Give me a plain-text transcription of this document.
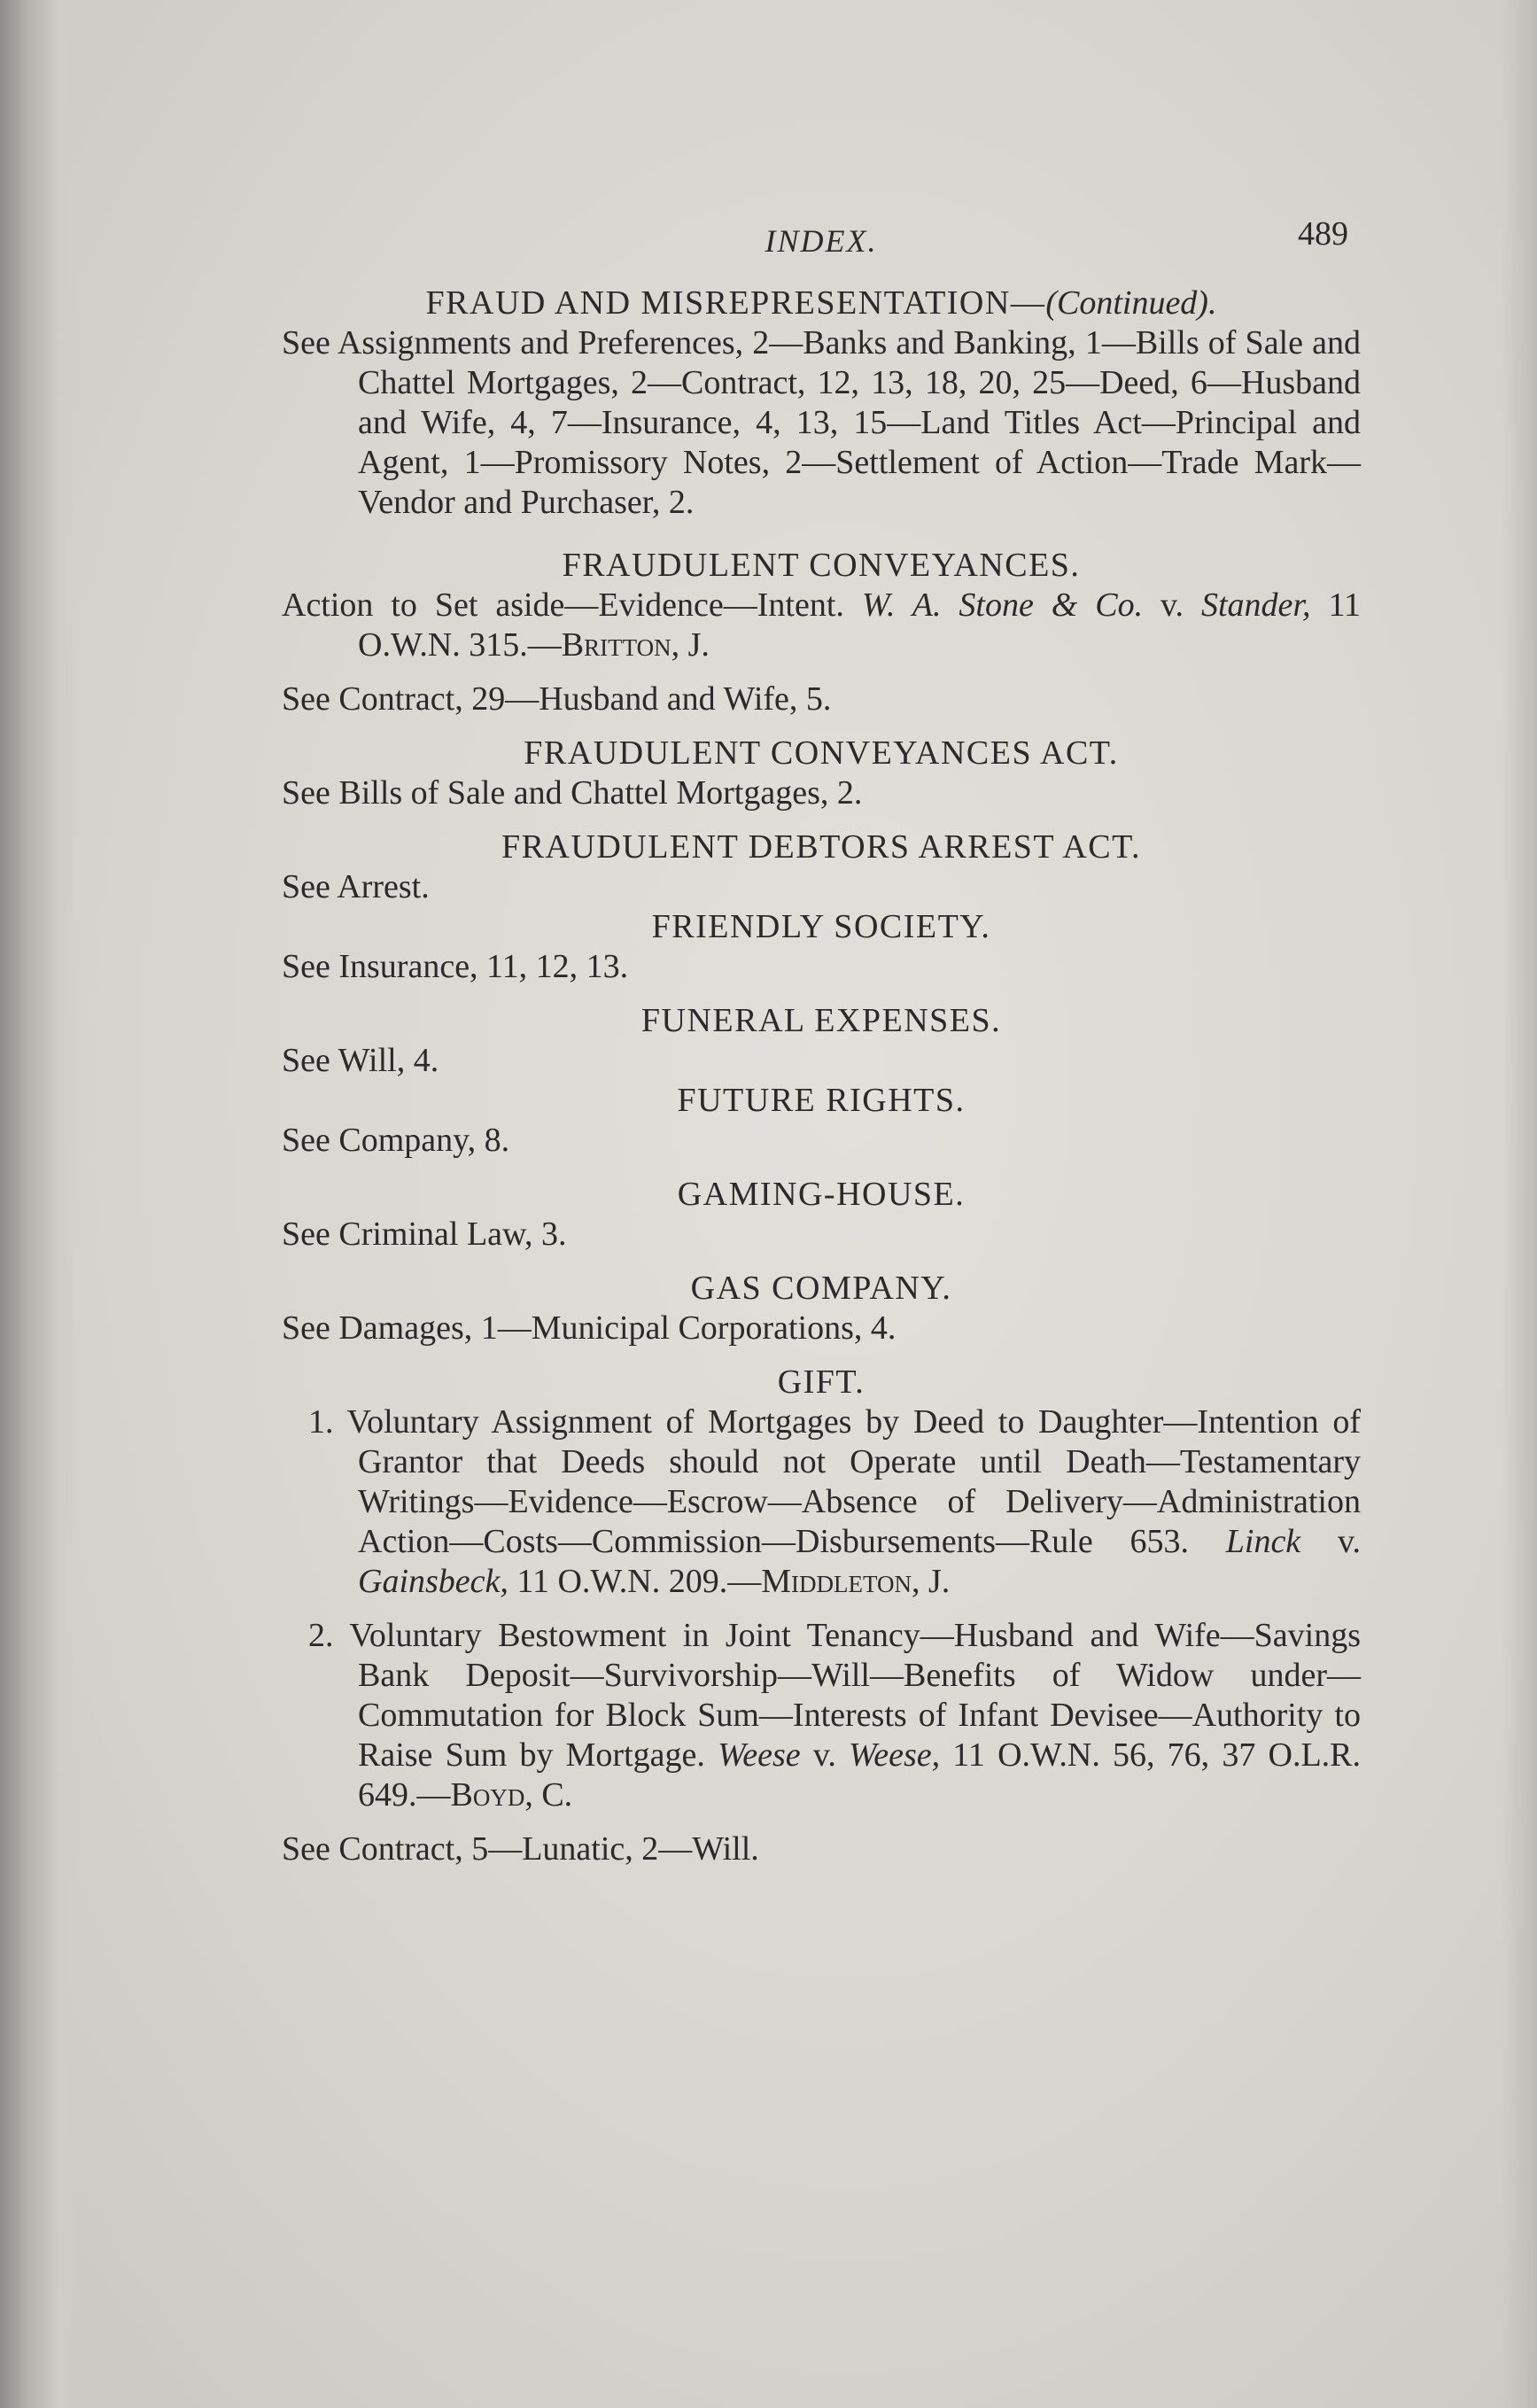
INDEX.	489

FRAUD AND MISREPRESENTATION—(Continued).

See Assignments and Preferences, 2—Banks and Banking, 1—Bills of Sale and Chattel Mortgages, 2—Contract, 12, 13, 18, 20, 25—Deed, 6—Husband and Wife, 4, 7—Insurance, 4, 13, 15—Land Titles Act—Principal and Agent, 1—Promissory Notes, 2—Settlement of Action—Trade Mark—Vendor and Purchaser, 2.

FRAUDULENT CONVEYANCES.

Action to Set aside—Evidence—Intent. W. A. Stone & Co. v. Stander, 11 O.W.N. 315.—Britton, J.

See Contract, 29—Husband and Wife, 5.

FRAUDULENT CONVEYANCES ACT.

See Bills of Sale and Chattel Mortgages, 2.

FRAUDULENT DEBTORS ARREST ACT.

See Arrest.

FRIENDLY SOCIETY.

See Insurance, 11, 12, 13.

FUNERAL EXPENSES.

See Will, 4.

FUTURE RIGHTS.

See Company, 8.

GAMING-HOUSE.

See Criminal Law, 3.

GAS COMPANY.

See Damages, 1—Municipal Corporations, 4.

GIFT.

1. Voluntary Assignment of Mortgages by Deed to Daughter—Intention of Grantor that Deeds should not Operate until Death—Testamentary Writings—Evidence—Escrow—Absence of Delivery—Administration Action—Costs—Commission—Disbursements—Rule 653. Linck v. Gainsbeck, 11 O.W.N. 209.—Middleton, J.

2. Voluntary Bestowment in Joint Tenancy—Husband and Wife—Savings Bank Deposit—Survivorship—Will—Benefits of Widow under—Commutation for Block Sum—Interests of Infant Devisee—Authority to Raise Sum by Mortgage. Weese v. Weese, 11 O.W.N. 56, 76, 37 O.L.R. 649.—Boyd, C.

See Contract, 5—Lunatic, 2—Will.
